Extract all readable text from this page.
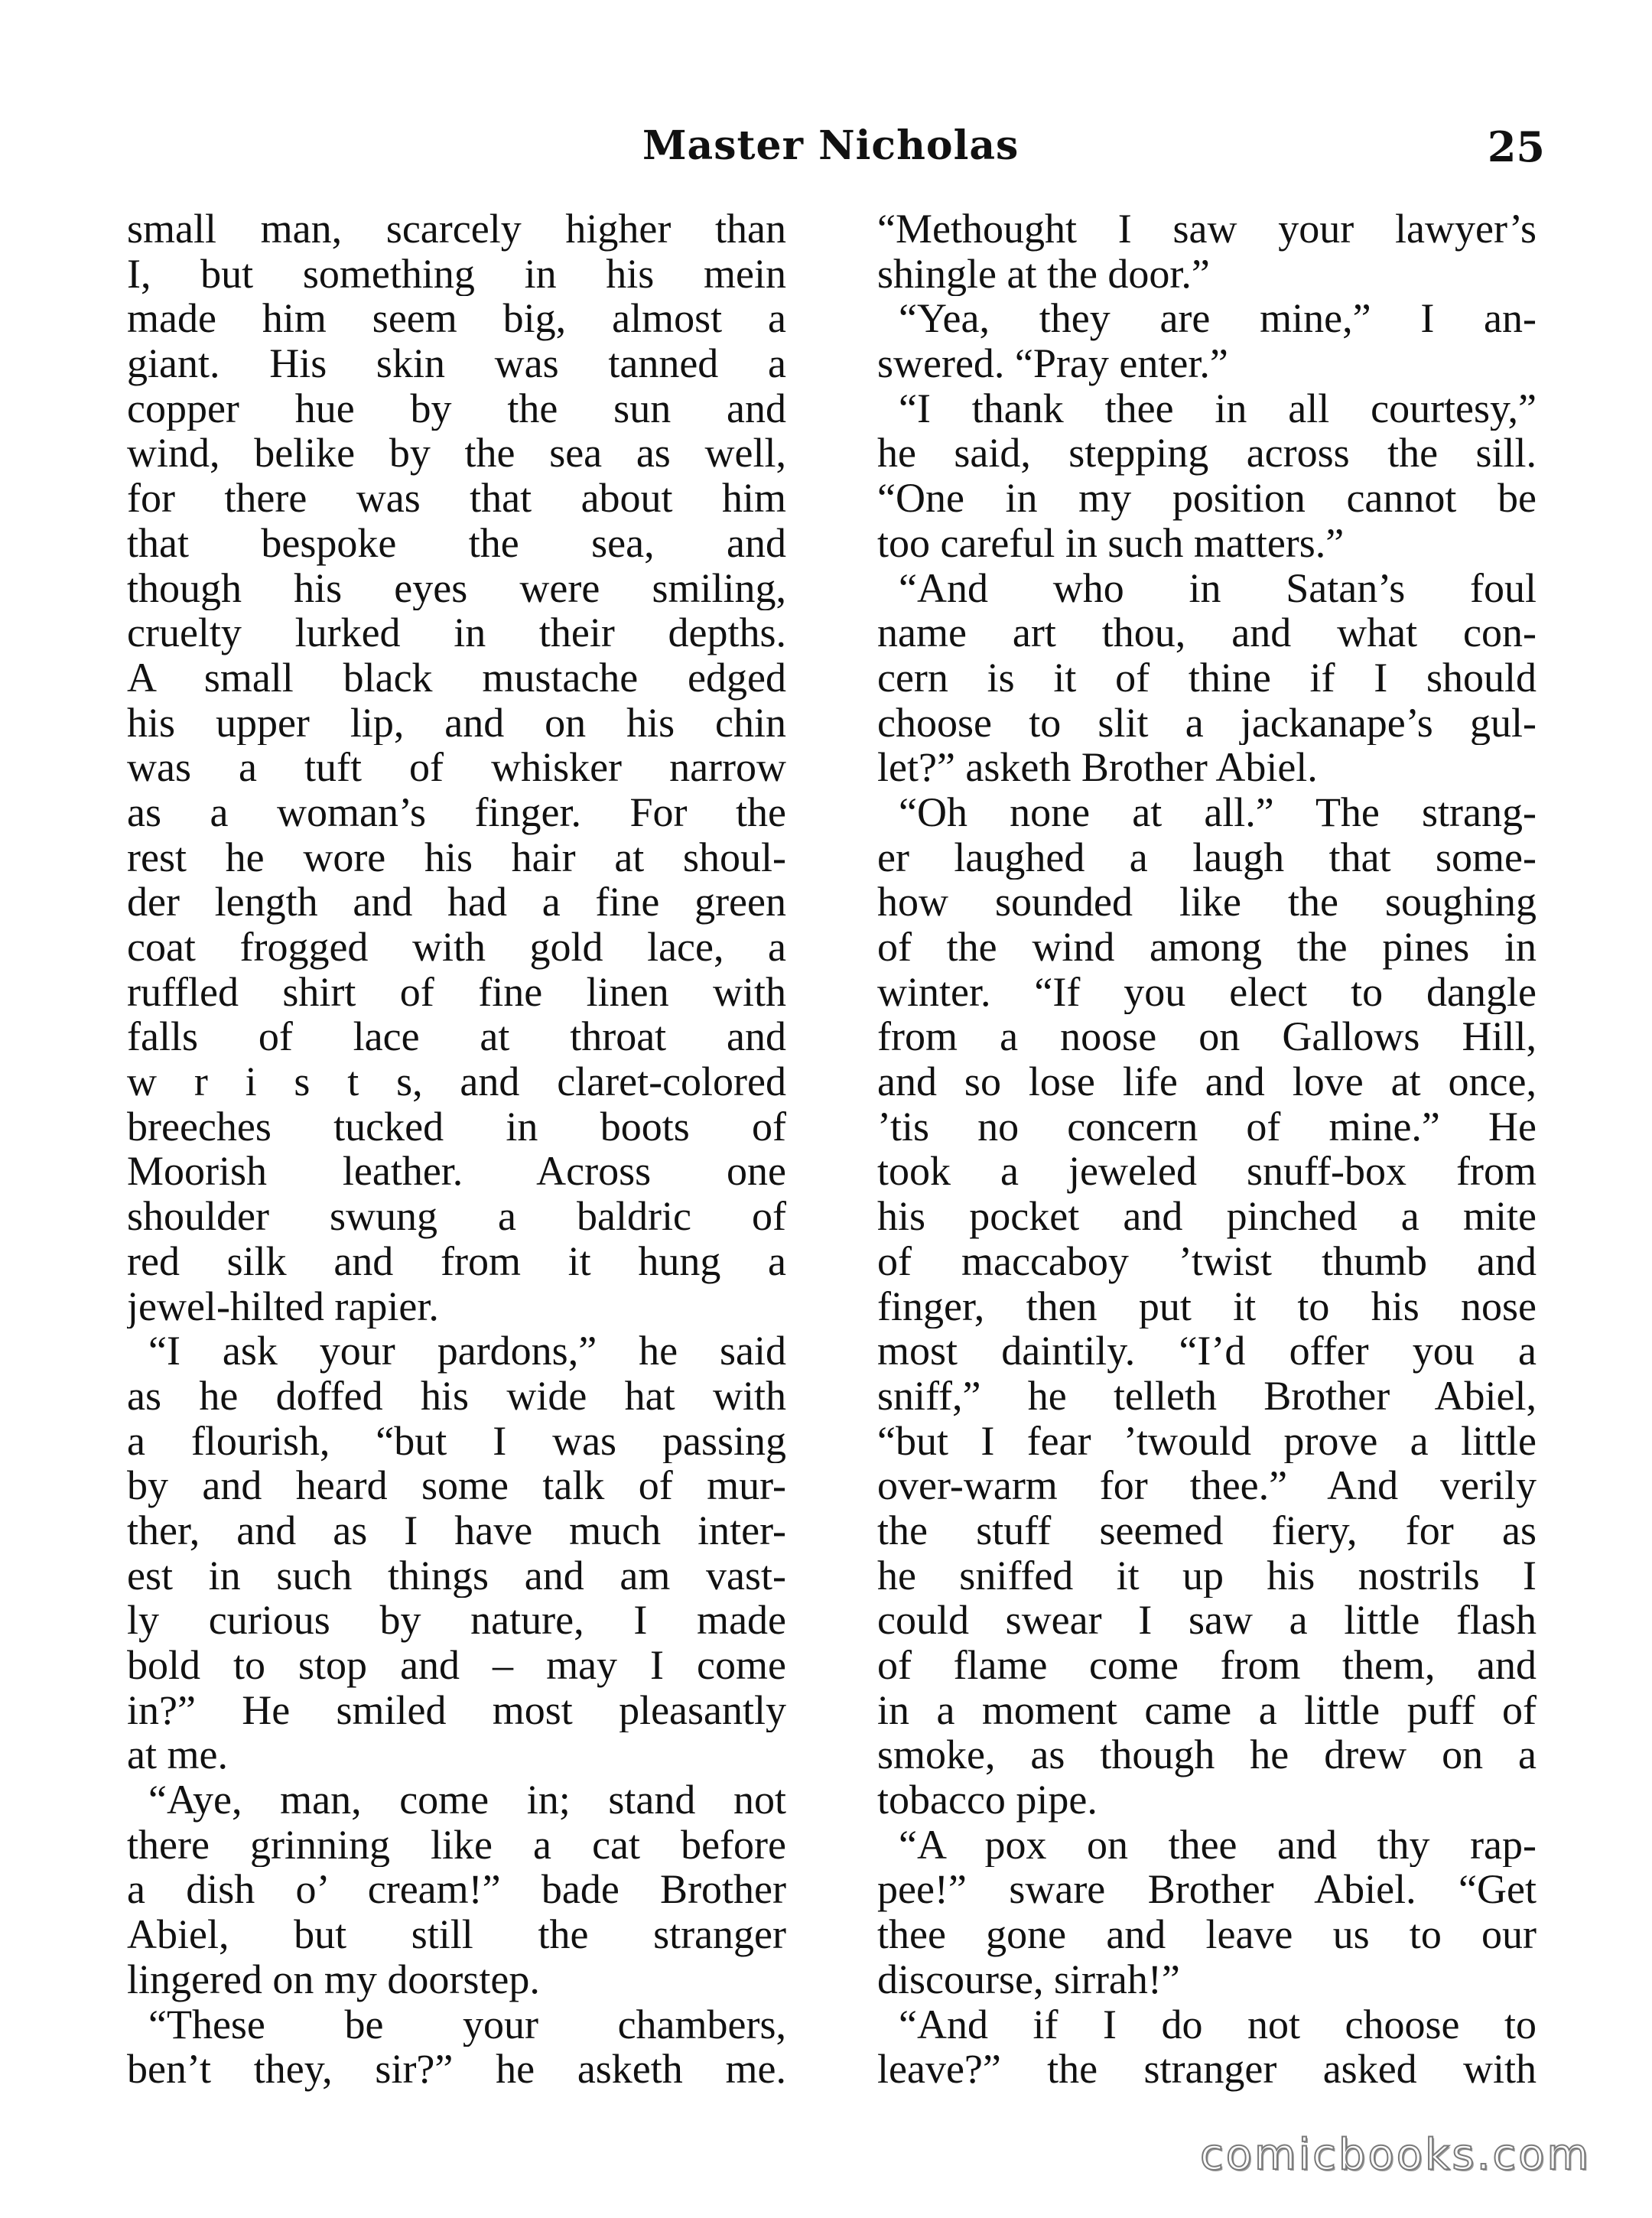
Master Nicholas	25
small man, scarcely higher than
I, but something in his mein
made him seem big, almost a
giant. His skin was tanned a
copper hue by the sun and
wind, belike by the sea as well,
for there was that about him
that bespoke the sea, and
though his eyes were smiling,
cruelty lurked in their depths.
A small black mustache edged
his upper lip, and on his chin
was a tuft of whisker narrow
as a woman’s finger. For the
rest he wore his hair at shoul-
der length and had a fine green
coat frogged with gold lace, a
ruffled shirt of fine linen with
falls of lace at throat and
w r i s t s, and claret-colored
breeches tucked in boots of
Moorish leather. Across one
shoulder swung a baldric of
red silk and from it hung a
jewel-hilted rapier.
“I ask your pardons,” he said
as he doffed his wide hat with
a flourish, “but I was passing
by and heard some talk of mur-
ther, and as I have much inter-
est in such things and am vast-
ly curious by nature, I made
bold to stop and – may I come
in?” He smiled most pleasantly
at me.
“Aye, man, come in; stand not
there grinning like a cat before
a dish o’ cream!” bade Brother
Abiel, but still the stranger
lingered on my doorstep.
“These be your chambers,
ben’t they, sir?” he asketh me.
“Methought I saw your lawyer’s
shingle at the door.”
“Yea, they are mine,” I an-
swered. “Pray enter.”
“I thank thee in all courtesy,”
he said, stepping across the sill.
“One in my position cannot be
too careful in such matters.”
“And who in Satan’s foul
name art thou, and what con-
cern is it of thine if I should
choose to slit a jackanape’s gul-
let?” asketh Brother Abiel.
“Oh none at all.” The strang-
er laughed a laugh that some-
how sounded like the soughing
of the wind among the pines in
winter. “If you elect to dangle
from a noose on Gallows Hill,
and so lose life and love at once,
’tis no concern of mine.” He
took a jeweled snuff-box from
his pocket and pinched a mite
of maccaboy ’twist thumb and
finger, then put it to his nose
most daintily. “I’d offer you a
sniff,” he telleth Brother Abiel,
“but I fear ’twould prove a little
over-warm for thee.” And verily
the stuff seemed fiery, for as
he sniffed it up his nostrils I
could swear I saw a little flash
of flame come from them, and
in a moment came a little puff of
smoke, as though he drew on a
tobacco pipe.
“A pox on thee and thy rap-
pee!” sware Brother Abiel. “Get
thee gone and leave us to our
discourse, sirrah!”
“And if I do not choose to
leave?” the stranger asked with
comicbooks.com
